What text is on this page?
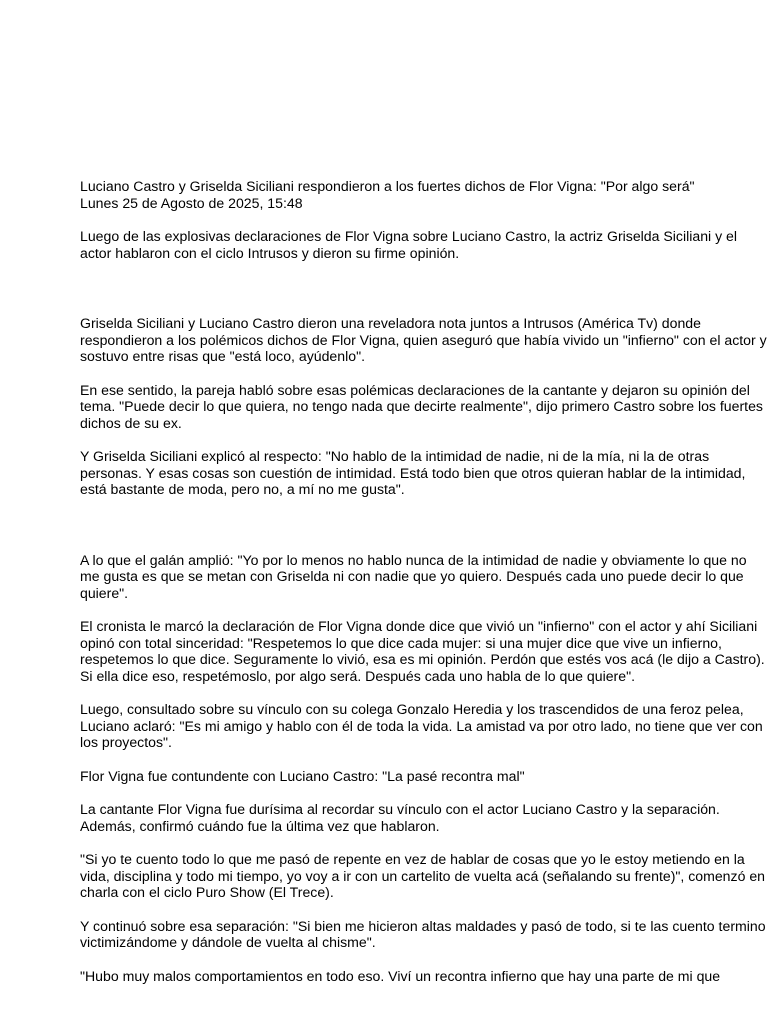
Luciano Castro y Griselda Siciliani respondieron a los fuertes dichos de Flor Vigna: "Por algo será"
Lunes 25 de Agosto de 2025, 15:48

Luego de las explosivas declaraciones de Flor Vigna sobre Luciano Castro, la actriz Griselda Siciliani y el actor hablaron con el ciclo Intrusos y dieron su firme opinión.

Griselda Siciliani y Luciano Castro dieron una reveladora nota juntos a Intrusos (América Tv) donde respondieron a los polémicos dichos de Flor Vigna, quien aseguró que había vivido un "infierno" con el actor y sostuvo entre risas que "está loco, ayúdenlo".

En ese sentido, la pareja habló sobre esas polémicas declaraciones de la cantante y dejaron su opinión del tema. "Puede decir lo que quiera, no tengo nada que decirte realmente", dijo primero Castro sobre los fuertes dichos de su ex.

Y Griselda Siciliani explicó al respecto: "No hablo de la intimidad de nadie, ni de la mía, ni la de otras personas. Y esas cosas son cuestión de intimidad. Está todo bien que otros quieran hablar de la intimidad, está bastante de moda, pero no, a mí no me gusta".

A lo que el galán amplió: "Yo por lo menos no hablo nunca de la intimidad de nadie y obviamente lo que no me gusta es que se metan con Griselda ni con nadie que yo quiero. Después cada uno puede decir lo que quiere".

El cronista le marcó la declaración de Flor Vigna donde dice que vivió un "infierno" con el actor y ahí Siciliani opinó con total sinceridad: "Respetemos lo que dice cada mujer: si una mujer dice que vive un infierno, respetemos lo que dice. Seguramente lo vivió, esa es mi opinión. Perdón que estés vos acá (le dijo a Castro). Si ella dice eso, respetémoslo, por algo será. Después cada uno habla de lo que quiere".

Luego, consultado sobre su vínculo con su colega Gonzalo Heredia y los trascendidos de una feroz pelea, Luciano aclaró: "Es mi amigo y hablo con él de toda la vida. La amistad va por otro lado, no tiene que ver con los proyectos".

Flor Vigna fue contundente con Luciano Castro: "La pasé recontra mal"

La cantante Flor Vigna fue durísima al recordar su vínculo con el actor Luciano Castro y la separación. Además, confirmó cuándo fue la última vez que hablaron.

"Si yo te cuento todo lo que me pasó de repente en vez de hablar de cosas que yo le estoy metiendo en la vida, disciplina y todo mi tiempo, yo voy a ir con un cartelito de vuelta acá (señalando su frente)", comenzó en charla con el ciclo Puro Show (El Trece).

Y continuó sobre esa separación: "Si bien me hicieron altas maldades y pasó de todo, si te las cuento termino victimizándome y dándole de vuelta al chisme".

"Hubo muy malos comportamientos en todo eso. Viví un recontra infierno que hay una parte de mi que
